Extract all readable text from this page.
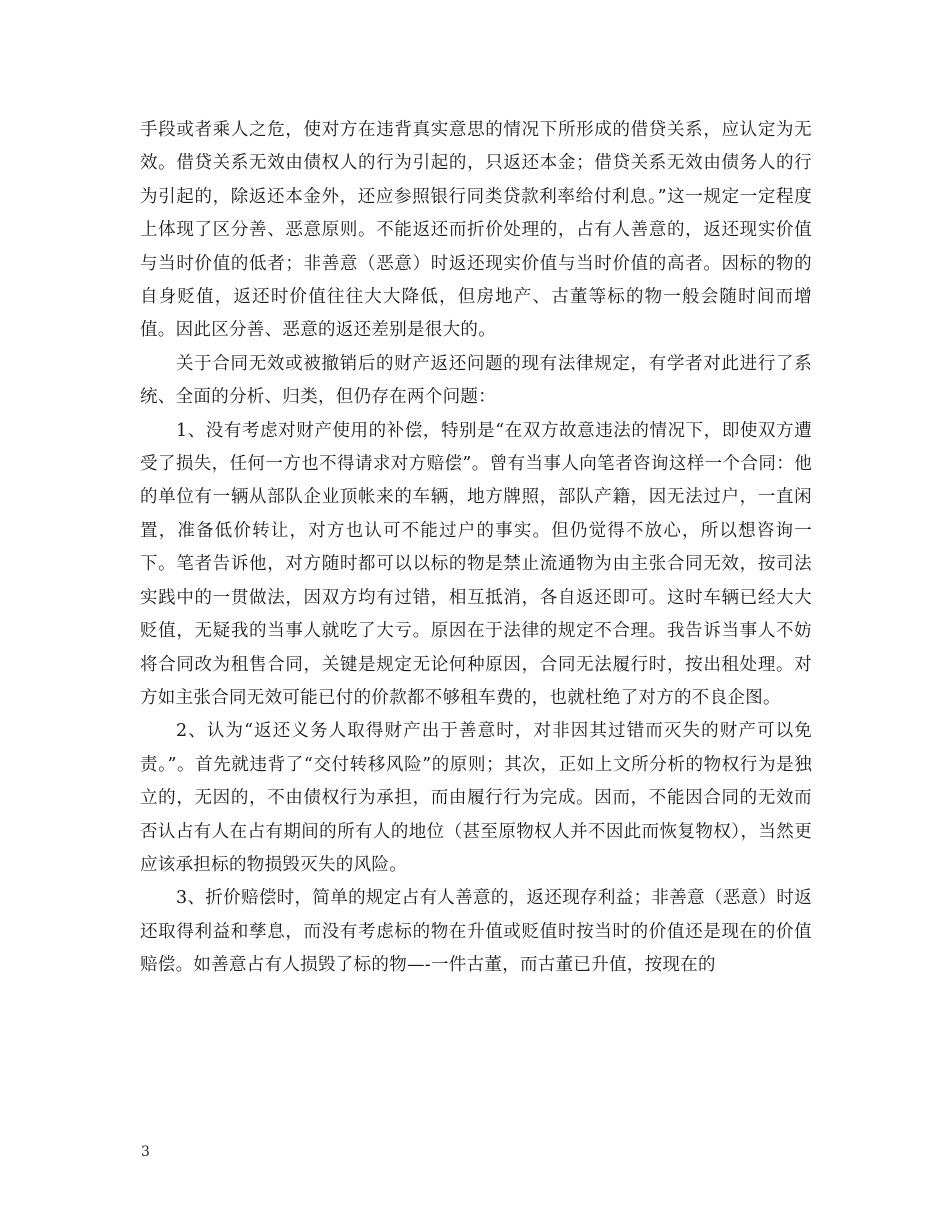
手段或者乘人之危，使对方在违背真实意思的情况下所形成的借贷关系，应认定为无效。借贷关系无效由债权人的行为引起的，只返还本金；借贷关系无效由债务人的行为引起的，除返还本金外，还应参照银行同类贷款利率给付利息。”这一规定一定程度上体现了区分善、恶意原则。不能返还而折价处理的，占有人善意的，返还现实价值与当时价值的低者；非善意（恶意）时返还现实价值与当时价值的高者。因标的物的自身贬值，返还时价值往往大大降低，但房地产、古董等标的物一般会随时间而增值。因此区分善、恶意的返还差别是很大的。

关于合同无效或被撤销后的财产返还问题的现有法律规定，有学者对此进行了系统、全面的分析、归类，但仍存在两个问题：

1、没有考虑对财产使用的补偿，特别是“在双方故意违法的情况下，即使双方遭受了损失，任何一方也不得请求对方赔偿”。曾有当事人向笔者咨询这样一个合同：他的单位有一辆从部队企业顶帐来的车辆，地方牌照，部队产籍，因无法过户，一直闲置，准备低价转让，对方也认可不能过户的事实。但仍觉得不放心，所以想咨询一下。笔者告诉他，对方随时都可以以标的物是禁止流通物为由主张合同无效，按司法实践中的一贯做法，因双方均有过错，相互抵消，各自返还即可。这时车辆已经大大贬值，无疑我的当事人就吃了大亏。原因在于法律的规定不合理。我告诉当事人不妨将合同改为租售合同，关键是规定无论何种原因，合同无法履行时，按出租处理。对方如主张合同无效可能已付的价款都不够租车费的，也就杜绝了对方的不良企图。

2、认为“返还义务人取得财产出于善意时，对非因其过错而灭失的财产可以免责。”。首先就违背了“交付转移风险”的原则；其次，正如上文所分析的物权行为是独立的，无因的，不由债权行为承担，而由履行行为完成。因而，不能因合同的无效而否认占有人在占有期间的所有人的地位（甚至原物权人并不因此而恢复物权），当然更应该承担标的物损毁灭失的风险。

3、折价赔偿时，简单的规定占有人善意的，返还现存利益；非善意（恶意）时返还取得利益和孳息，而没有考虑标的物在升值或贬值时按当时的价值还是现在的价值赔偿。如善意占有人损毁了标的物—-一件古董，而古董已升值，按现在的

3
